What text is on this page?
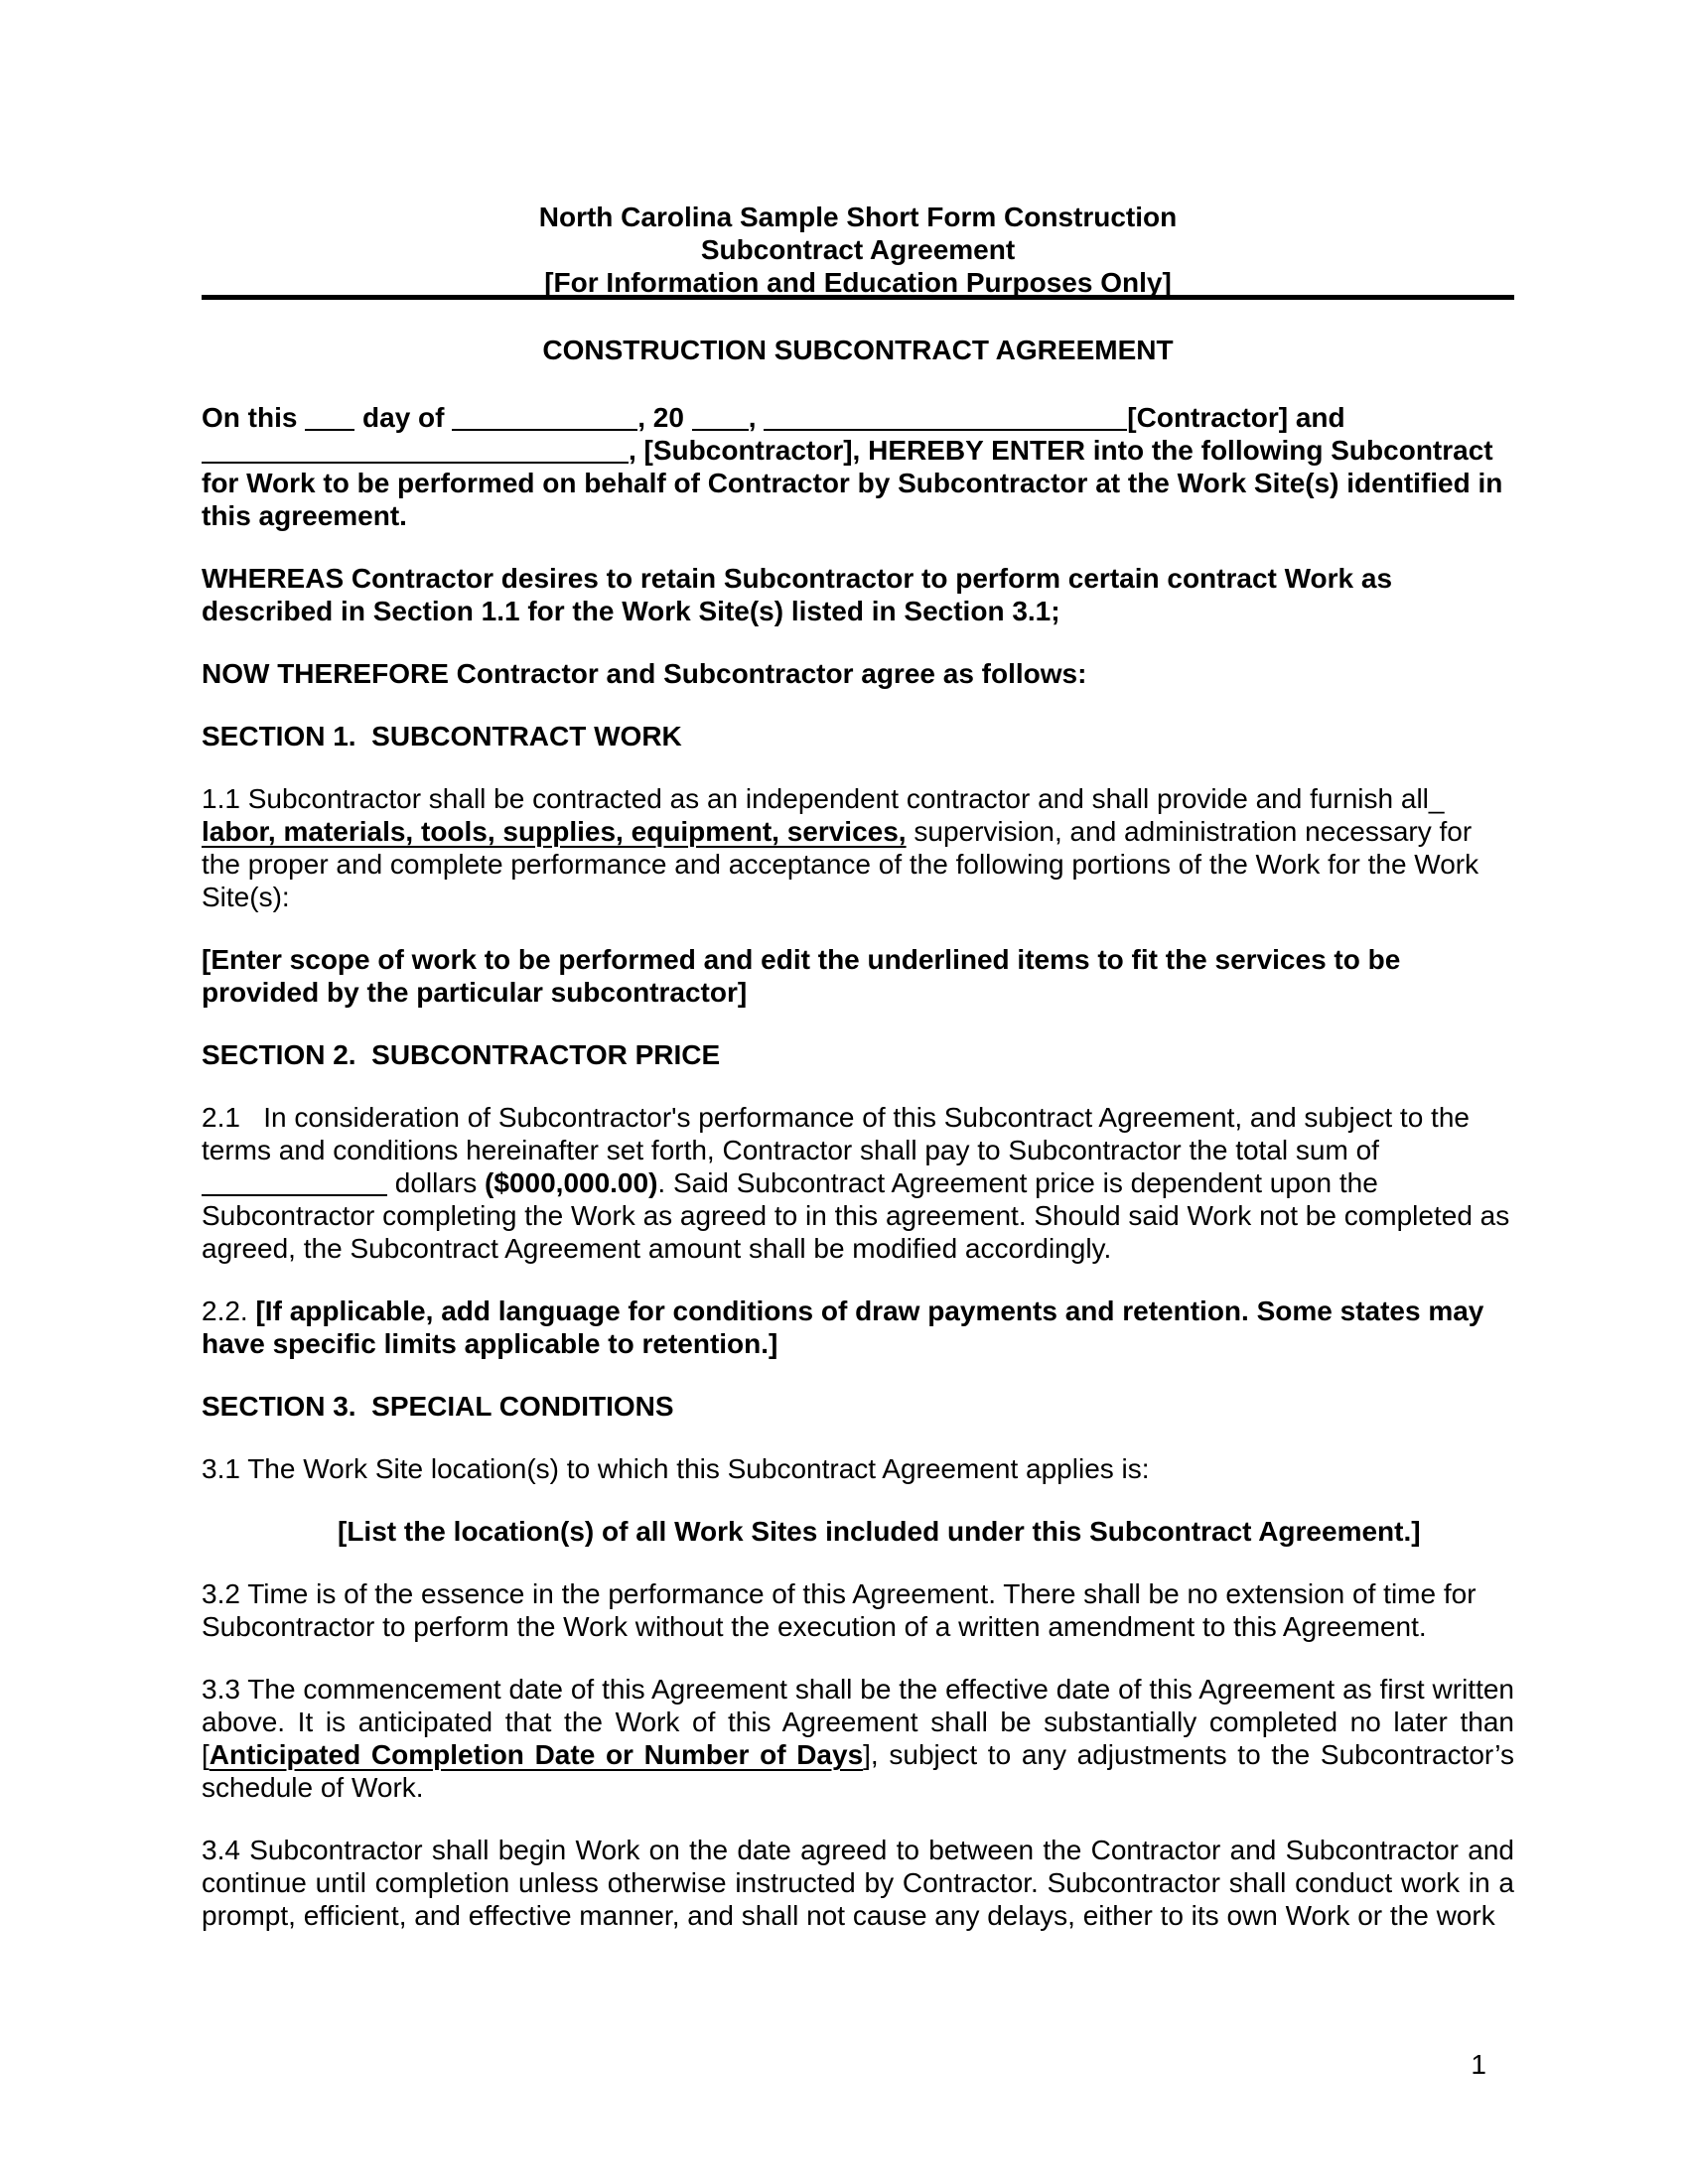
North Carolina Sample Short Form Construction
Subcontract Agreement
[For Information and Education Purposes Only]
CONSTRUCTION SUBCONTRACT AGREEMENT

On this  day of	, 20 ,	[Contractor] and , [Subcontractor], HEREBY ENTER into the following Subcontract for Work to be performed on behalf of Contractor by Subcontractor at the Work Site(s) identified in this agreement.

WHEREAS Contractor desires to retain Subcontractor to perform certain contract Work as described in Section 1.1 for the Work Site(s) listed in Section 3.1;

NOW THEREFORE Contractor and Subcontractor agree as follows:

SECTION 1.  SUBCONTRACT WORK

1.1 Subcontractor shall be contracted as an independent contractor and shall provide and furnish all_ labor, materials, tools, supplies, equipment, services, supervision, and administration necessary for the proper and complete performance and acceptance of the following portions of the Work for the Work Site(s):

[Enter scope of work to be performed and edit the underlined items to fit the services to be provided by the particular subcontractor]

SECTION 2.  SUBCONTRACTOR PRICE

2.1   In consideration of Subcontractor's performance of this Subcontract Agreement, and subject to the terms and conditions hereinafter set forth, Contractor shall pay to Subcontractor the total sum of  dollars ($000,000.00). Said Subcontract Agreement price is dependent upon the Subcontractor completing the Work as agreed to in this agreement. Should said Work not be completed as agreed, the Subcontract Agreement amount shall be modified accordingly.

2.2. [If applicable, add language for conditions of draw payments and retention. Some states may have specific limits applicable to retention.]

SECTION 3.  SPECIAL CONDITIONS

3.1 The Work Site location(s) to which this Subcontract Agreement applies is:

[List the location(s) of all Work Sites included under this Subcontract Agreement.]

3.2 Time is of the essence in the performance of this Agreement. There shall be no extension of time for Subcontractor to perform the Work without the execution of a written amendment to this Agreement.

3.3 The commencement date of this Agreement shall be the effective date of this Agreement as first written above. It is anticipated that the Work of this Agreement shall be substantially completed no later than [Anticipated Completion Date or Number of Days], subject to any adjustments to the Subcontractor’s schedule of Work.

3.4 Subcontractor shall begin Work on the date agreed to between the Contractor and Subcontractor and continue until completion unless otherwise instructed by Contractor. Subcontractor shall conduct work in a prompt, efficient, and effective manner, and shall not cause any delays, either to its own Work or the work

1
